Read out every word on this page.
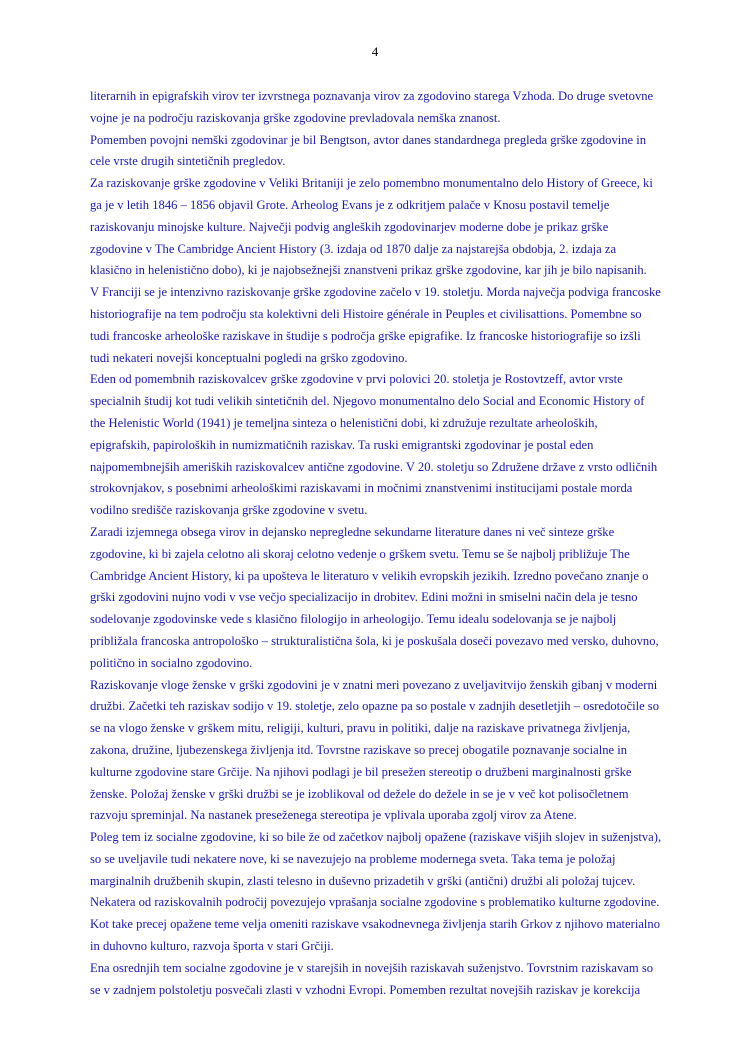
4
literarnih in epigrafskih virov ter izvrstnega poznavanja virov za zgodovino starega Vzhoda. Do druge svetovne
vojne je na področju raziskovanja grške zgodovine prevladovala nemška znanost.
Pomemben povojni nemški zgodovinar je bil Bengtson, avtor danes standardnega pregleda grške zgodovine in
cele vrste drugih sintetičnih pregledov.
Za raziskovanje grške zgodovine v Veliki Britaniji je zelo pomembno monumentalno delo History of Greece, ki
ga je v letih 1846 – 1856 objavil Grote. Arheolog Evans je z odkritjem palače v Knosu postavil temelje
raziskovanju minojske kulture. Največji podvig angleških zgodovinarjev moderne dobe je prikaz grške
zgodovine v The Cambridge Ancient History (3. izdaja od 1870 dalje za najstarejša obdobja, 2. izdaja za
klasično in helenistično dobo), ki je najobsežnejši znanstveni prikaz grške zgodovine, kar jih je bilo napisanih.
V Franciji se je intenzivno raziskovanje grške zgodovine začelo v 19. stoletju. Morda največja podviga francoske
historiografije na tem področju sta kolektivni deli Histoire générale in Peuples et civilisattions. Pomembne so
tudi francoske arheološke raziskave in študije s področja grške epigrafike. Iz francoske historiografije so izšli
tudi nekateri novejši konceptualni pogledi na grško zgodovino.
Eden od pomembnih raziskovalcev grške zgodovine v prvi polovici 20. stoletja je Rostovtzeff, avtor vrste
specialnih študij kot tudi velikih sintetičnih del. Njegovo monumentalno delo Social and Economic History of
the Helenistic World (1941) je temeljna sinteza o helenistični dobi, ki združuje rezultate arheoloških,
epigrafskih, papiroloških in numizmatičnih raziskav. Ta ruski emigrantski zgodovinar je postal eden
najpomembnejših ameriških raziskovalcev antične zgodovine. V 20. stoletju so Združene države z vrsto odličnih
strokovnjakov, s posebnimi arheološkimi raziskavami in močnimi znanstvenimi institucijami postale morda
vodilno središče raziskovanja grške zgodovine v svetu.
Zaradi izjemnega obsega virov in dejansko nepregledne sekundarne literature danes ni več sinteze grške
zgodovine, ki bi zajela celotno ali skoraj celotno vedenje o grškem svetu. Temu se še najbolj približuje The
Cambridge Ancient History, ki pa upošteva le literaturo v velikih evropskih jezikih. Izredno povečano znanje o
grški zgodovini nujno vodi v vse večjo specializacijo in drobitev. Edini možni in smiselni način dela je tesno
sodelovanje zgodovinske vede s klasično filologijo in arheologijo. Temu idealu sodelovanja se je najbolj
približala francoska antropološko – strukturalistična šola, ki je poskušala doseči povezavo med versko, duhovno,
politično in socialno zgodovino.
Raziskovanje vloge ženske v grški zgodovini je v znatni meri povezano z uveljavitvijo ženskih gibanj v moderni
družbi. Začetki teh raziskav sodijo v 19. stoletje, zelo opazne pa so postale v zadnjih desetletjih – osredotočile so
se na vlogo ženske v grškem mitu, religiji, kulturi, pravu in politiki, dalje na raziskave privatnega življenja,
zakona, družine, ljubezenskega življenja itd. Tovrstne raziskave so precej obogatile poznavanje socialne in
kulturne zgodovine stare Grčije. Na njihovi podlagi je bil presežen stereotip o družbeni marginalnosti grške
ženske. Položaj ženske v grški družbi se je izoblikoval od dežele do dežele in se je v več kot polisočletnem
razvoju spreminjal. Na nastanek preseženega stereotipa je vplivala uporaba zgolj virov za Atene.
Poleg tem iz socialne zgodovine, ki so bile že od začetkov najbolj opažene (raziskave višjih slojev in suženjstva),
so se uveljavile tudi nekatere nove, ki se navezujejo na probleme modernega sveta. Taka tema je položaj
marginalnih družbenih skupin, zlasti telesno in duševno prizadetih v grški (antični) družbi ali položaj tujcev.
Nekatera od raziskovalnih področij povezujejo vprašanja socialne zgodovine s problematiko kulturne zgodovine.
Kot take precej opažene teme velja omeniti raziskave vsakodnevnega življenja starih Grkov z njihovo materialno
in duhovno kulturo, razvoja športa v stari Grčiji.
Ena osrednjih tem socialne zgodovine je v starejših in novejših raziskavah suženjstvo. Tovrstnim raziskavam so
se v zadnjem polstoletju posvečali zlasti v vzhodni Evropi. Pomemben rezultat novejših raziskav je korekcija
